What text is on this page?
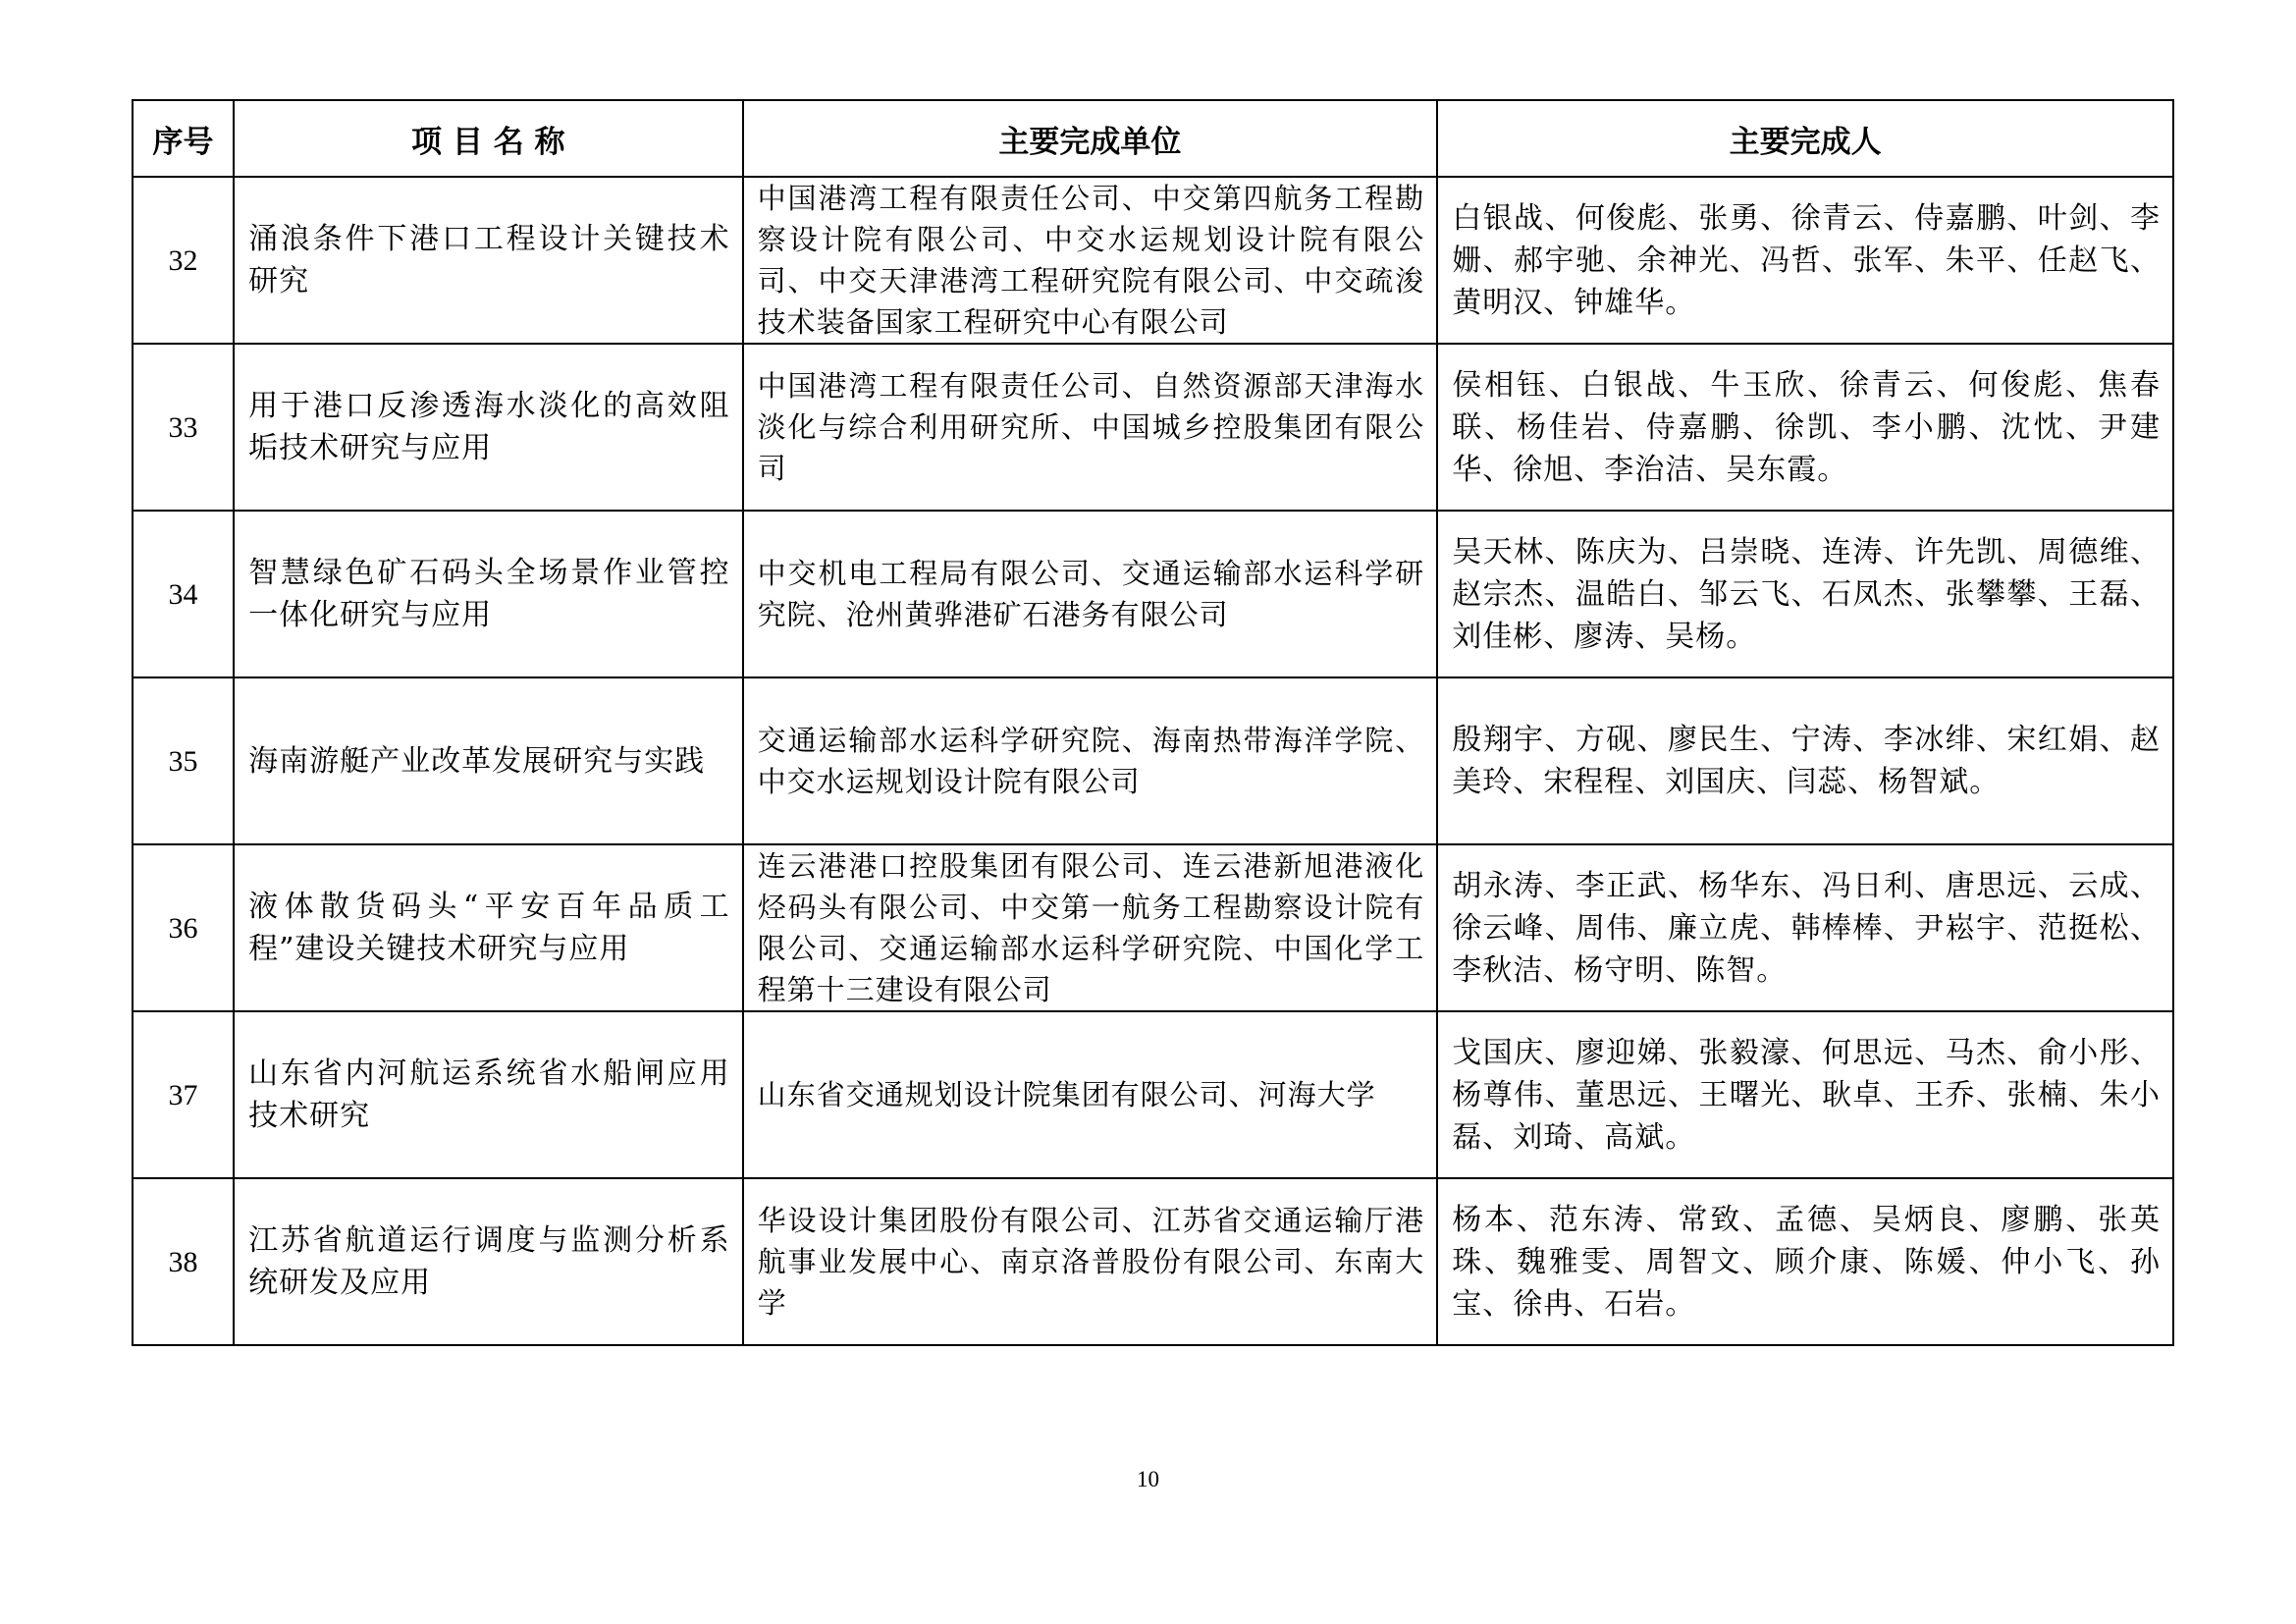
序号	项 目 名 称	主要完成单位	主要完成人
32	涌浪条件下港口工程设计关键技术研究	中国港湾工程有限责任公司、中交第四航务工程勘察设计院有限公司、中交水运规划设计院有限公司、中交天津港湾工程研究院有限公司、中交疏浚技术装备国家工程研究中心有限公司	白银战、何俊彪、张勇、徐青云、侍嘉鹏、叶剑、李姗、郝宇驰、余神光、冯哲、张军、朱平、任赵飞、黄明汉、钟雄华。

33	用于港口反渗透海水淡化的高效阻垢技术研究与应用	中国港湾工程有限责任公司、自然资源部天津海水淡化与综合利用研究所、中国城乡控股集团有限公司	侯相钰、白银战、牛玉欣、徐青云、何俊彪、焦春联、杨佳岩、侍嘉鹏、徐凯、李小鹏、沈忱、尹建华、徐旭、李治洁、吴东霞。

34	智慧绿色矿石码头全场景作业管控一体化研究与应用	中交机电工程局有限公司、交通运输部水运科学研究院、沧州黄骅港矿石港务有限公司	吴天林、陈庆为、吕崇晓、连涛、许先凯、周德维、赵宗杰、温皓白、邹云飞、石凤杰、张攀攀、王磊、刘佳彬、廖涛、吴杨。

35	海南游艇产业改革发展研究与实践	交通运输部水运科学研究院、海南热带海洋学院、中交水运规划设计院有限公司	殷翔宇、方砚、廖民生、宁涛、李冰绯、宋红娟、赵美玲、宋程程、刘国庆、闫蕊、杨智斌。

36	液体散货码头“平安百年品质工程”建设关键技术研究与应用	连云港港口控股集团有限公司、连云港新旭港液化烃码头有限公司、中交第一航务工程勘察设计院有限公司、交通运输部水运科学研究院、中国化学工程第十三建设有限公司	胡永涛、李正武、杨华东、冯日利、唐思远、云成、徐云峰、周伟、廉立虎、韩棒棒、尹崧宇、范挺松、李秋洁、杨守明、陈智。

37	山东省内河航运系统省水船闸应用技术研究	山东省交通规划设计院集团有限公司、河海大学	戈国庆、廖迎娣、张毅濠、何思远、马杰、俞小彤、杨尊伟、董思远、王曙光、耿卓、王乔、张楠、朱小磊、刘琦、高斌。

38	江苏省航道运行调度与监测分析系统研发及应用	华设设计集团股份有限公司、江苏省交通运输厅港航事业发展中心、南京洛普股份有限公司、东南大学	杨本、范东涛、常致、孟德、吴炳良、廖鹏、张英珠、魏雅雯、周智文、顾介康、陈媛、仲小飞、孙宝、徐冉、石岩。
10
